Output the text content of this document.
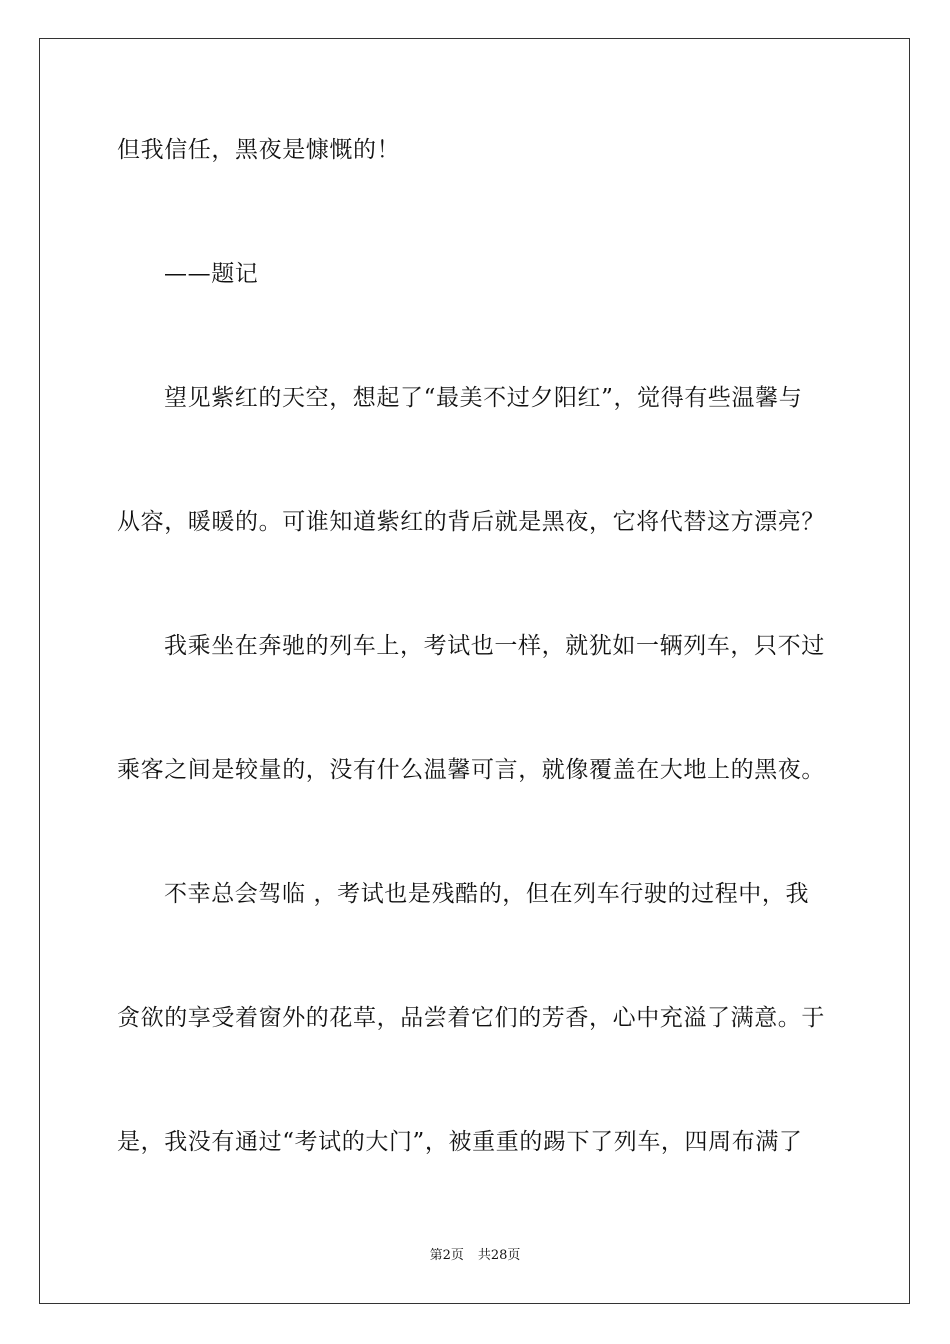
但我信任，黑夜是慷慨的！
——题记
望见紫红的天空，想起了“最美不过夕阳红”，觉得有些温馨与
从容，暖暖的。可谁知道紫红的背后就是黑夜，它将代替这方漂亮？
我乘坐在奔驰的列车上，考试也一样，就犹如一辆列车，只不过
乘客之间是较量的，没有什么温馨可言，就像覆盖在大地上的黑夜。
不幸总会驾临 ，考试也是残酷的，但在列车行驶的过程中，我
贪欲的享受着窗外的花草，品尝着它们的芳香，心中充溢了满意。于
是，我没有通过“考试的大门”，被重重的踢下了列车，四周布满了
第2页 共28页
